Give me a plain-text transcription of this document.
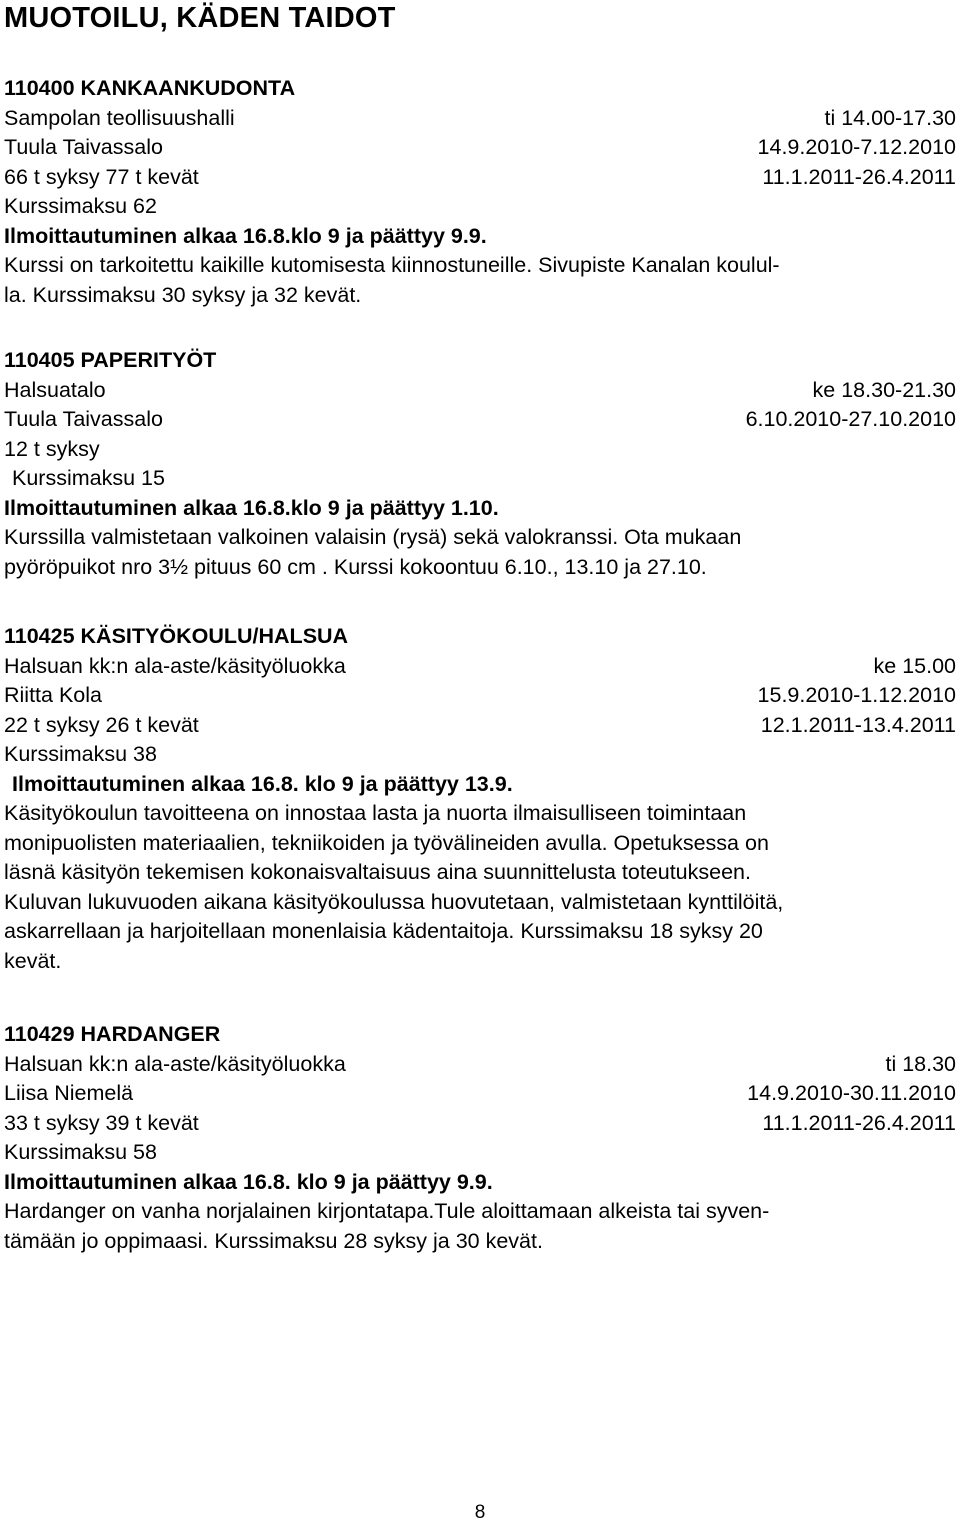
MUOTOILU, KÄDEN TAIDOT
110400 KANKAANKUDONTA
Sampolan teollisuushalli	ti 14.00-17.30
Tuula Taivassalo	14.9.2010-7.12.2010
66 t syksy 77 t kevät	11.1.2011-26.4.2011
Kurssimaksu 62
Ilmoittautuminen alkaa 16.8.klo 9 ja päättyy 9.9.
Kurssi on tarkoitettu kaikille kutomisesta kiinnostuneille. Sivupiste Kanalan koulul-
la. Kurssimaksu 30 syksy ja 32 kevät.
110405 PAPERITYÖT
Halsuatalo	ke 18.30-21.30
Tuula Taivassalo	6.10.2010-27.10.2010
12 t syksy
Kurssimaksu 15
Ilmoittautuminen alkaa 16.8.klo 9 ja päättyy 1.10.
Kurssilla valmistetaan valkoinen valaisin (rysä) sekä valokranssi. Ota mukaan
pyöröpuikot nro 3½ pituus 60 cm . Kurssi kokoontuu 6.10., 13.10 ja 27.10.
110425 KÄSITYÖKOULU/HALSUA
Halsuan kk:n ala-aste/käsityöluokka	ke 15.00
Riitta Kola	15.9.2010-1.12.2010
22 t syksy 26 t kevät	12.1.2011-13.4.2011
Kurssimaksu 38
Ilmoittautuminen alkaa 16.8. klo 9 ja päättyy 13.9.
Käsityökoulun tavoitteena on innostaa lasta ja nuorta ilmaisulliseen toimintaan
monipuolisten materiaalien, tekniikoiden ja työvälineiden avulla. Opetuksessa on
läsnä käsityön tekemisen kokonaisvaltaisuus aina suunnittelusta toteutukseen.
Kuluvan lukuvuoden aikana käsityökoulussa huovutetaan, valmistetaan kynttilöitä,
askarrellaan ja harjoitellaan monenlaisia kädentaitoja. Kurssimaksu 18 syksy 20
kevät.
110429 HARDANGER
Halsuan kk:n ala-aste/käsityöluokka	ti 18.30
Liisa Niemelä	14.9.2010-30.11.2010
33 t syksy 39 t kevät	11.1.2011-26.4.2011
Kurssimaksu 58
Ilmoittautuminen alkaa 16.8. klo 9 ja päättyy 9.9.
Hardanger on vanha norjalainen kirjontatapa.Tule aloittamaan alkeista tai syven-
tämään jo oppimaasi. Kurssimaksu 28 syksy ja 30 kevät.
8
